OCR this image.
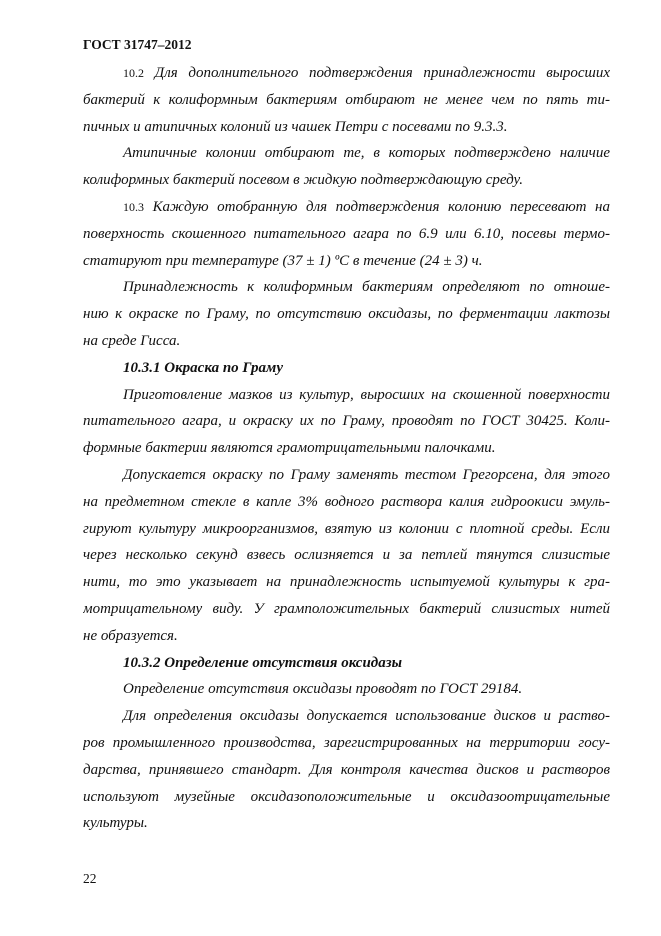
ГОСТ 31747–2012
10.2 Для дополнительного подтверждения принадлежности выросших
бактерий к колиформным бактериям отбирают не менее чем по пять ти-
пичных и атипичных колоний из чашек Петри с посевами по 9.3.3.
Атипичные колонии отбирают те, в которых подтверждено наличие
колиформных бактерий посевом в жидкую подтверждающую среду.
10.3 Каждую отобранную для подтверждения колонию пересевают на
поверхность скошенного питательного агара по 6.9 или 6.10, посевы термо-
статируют при температуре (37 ± 1) ºС в течение (24 ± 3) ч.
Принадлежность к колиформным бактериям определяют по отноше-
нию к окраске по Граму, по отсутствию оксидазы, по ферментации лактозы
на среде Гисса.
10.3.1 Окраска по Граму
Приготовление мазков из культур, выросших на скошенной поверхности
питательного агара, и окраску их по Граму, проводят по ГОСТ 30425. Коли-
формные бактерии являются грамотрицательными палочками.
Допускается окраску по Граму заменять тестом Грегорсена, для этого
на предметном стекле в капле 3% водного раствора калия гидроокиси эмуль-
гируют культуру микроорганизмов, взятую из колонии с плотной среды. Если
через несколько секунд взвесь ослизняется и за петлей тянутся слизистые
нити, то это указывает на принадлежность испытуемой культуры к гра-
мотрицательному виду. У грамположительных бактерий слизистых нитей
не образуется.
10.3.2 Определение отсутствия оксидазы
Определение отсутствия оксидазы проводят по ГОСТ 29184.
Для определения оксидазы допускается использование дисков и раство-
ров промышленного производства, зарегистрированных на территории госу-
дарства, принявшего стандарт. Для контроля качества дисков и растворов
используют музейные оксидазоположительные и оксидазоотрицательные
культуры.
22
